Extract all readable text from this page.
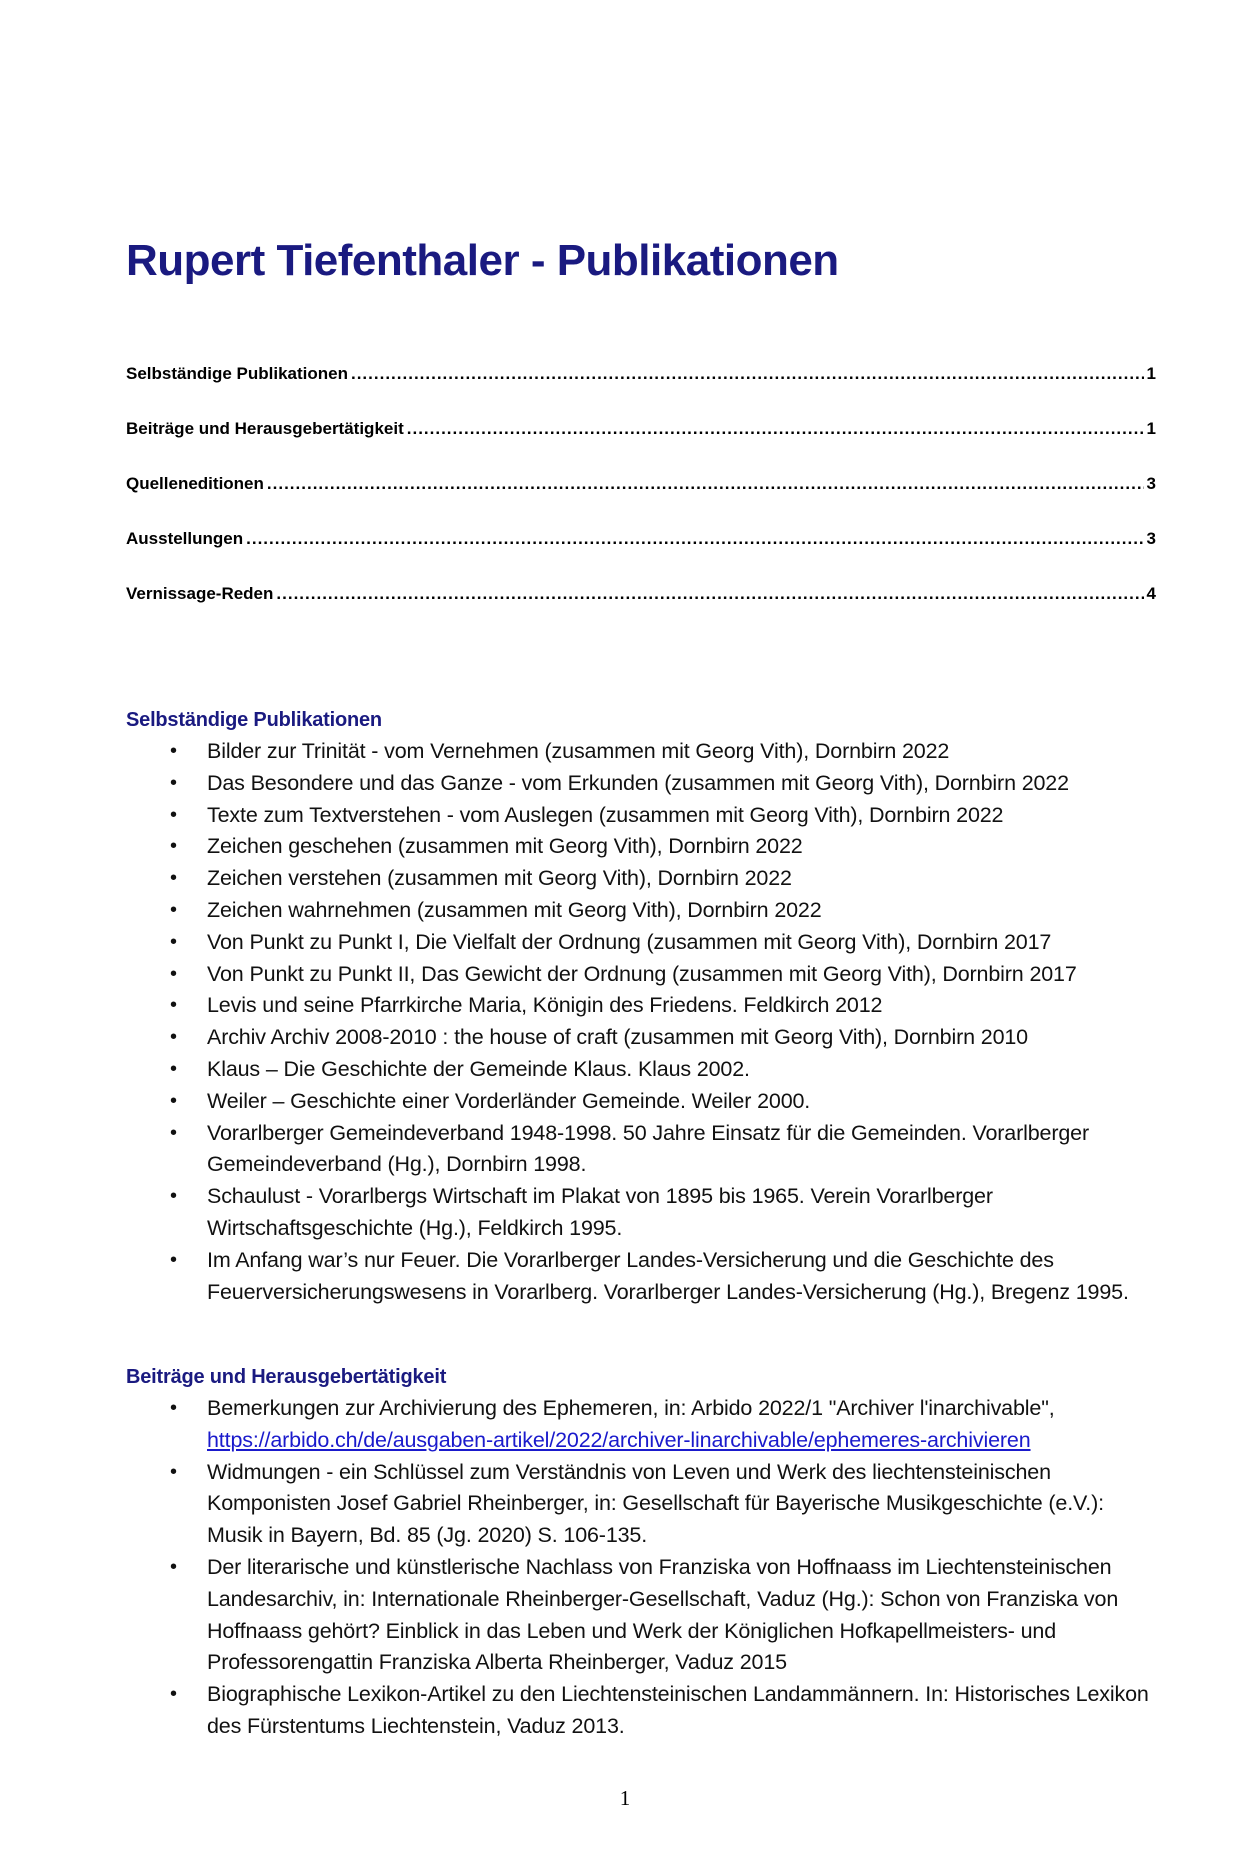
Rupert Tiefenthaler - Publikationen
Selbständige Publikationen .....	1
Beiträge und Herausgebertätigkeit .....	1
Quelleneditionen .....	3
Ausstellungen .....	3
Vernissage-Reden .....	4
Selbständige Publikationen
• Bilder zur Trinität - vom Vernehmen (zusammen mit Georg Vith), Dornbirn 2022
• Das Besondere und das Ganze - vom Erkunden (zusammen mit Georg Vith), Dornbirn 2022
• Texte zum Textverstehen - vom Auslegen (zusammen mit Georg Vith), Dornbirn 2022
• Zeichen geschehen (zusammen mit Georg Vith), Dornbirn 2022
• Zeichen verstehen (zusammen mit Georg Vith), Dornbirn 2022
• Zeichen wahrnehmen (zusammen mit Georg Vith), Dornbirn 2022
• Von Punkt zu Punkt I, Die Vielfalt der Ordnung (zusammen mit Georg Vith), Dornbirn 2017
• Von Punkt zu Punkt II, Das Gewicht der Ordnung (zusammen mit Georg Vith), Dornbirn 2017
• Levis und seine Pfarrkirche Maria, Königin des Friedens. Feldkirch 2012
• Archiv Archiv 2008-2010 : the house of craft (zusammen mit Georg Vith), Dornbirn 2010
• Klaus – Die Geschichte der Gemeinde Klaus. Klaus 2002.
• Weiler – Geschichte einer Vorderländer Gemeinde. Weiler 2000.
• Vorarlberger Gemeindeverband 1948-1998. 50 Jahre Einsatz für die Gemeinden. Vorarlberger Gemeindeverband (Hg.), Dornbirn 1998.
• Schaulust - Vorarlbergs Wirtschaft im Plakat von 1895 bis 1965. Verein Vorarlberger Wirtschaftsgeschichte (Hg.), Feldkirch 1995.
• Im Anfang war’s nur Feuer. Die Vorarlberger Landes-Versicherung und die Geschichte des Feuerversicherungswesens in Vorarlberg. Vorarlberger Landes-Versicherung (Hg.), Bregenz 1995.
Beiträge und Herausgebertätigkeit
• Bemerkungen zur Archivierung des Ephemeren, in: Arbido 2022/1 "Archiver l'inarchivable", https://arbido.ch/de/ausgaben-artikel/2022/archiver-linarchivable/ephemeres-archivieren
• Widmungen - ein Schlüssel zum Verständnis von Leven und Werk des liechtensteinischen Komponisten Josef Gabriel Rheinberger, in: Gesellschaft für Bayerische Musikgeschichte (e.V.): Musik in Bayern, Bd. 85 (Jg. 2020) S. 106-135.
• Der literarische und künstlerische Nachlass von Franziska von Hoffnaass im Liechtensteinischen Landesarchiv, in: Internationale Rheinberger-Gesellschaft, Vaduz (Hg.): Schon von Franziska von Hoffnaass gehört? Einblick in das Leben und Werk der Königlichen Hofkapellmeisters- und Professorengattin Franziska Alberta Rheinberger, Vaduz 2015
• Biographische Lexikon-Artikel zu den Liechtensteinischen Landammännern. In: Historisches Lexikon des Fürstentums Liechtenstein, Vaduz 2013.
1
